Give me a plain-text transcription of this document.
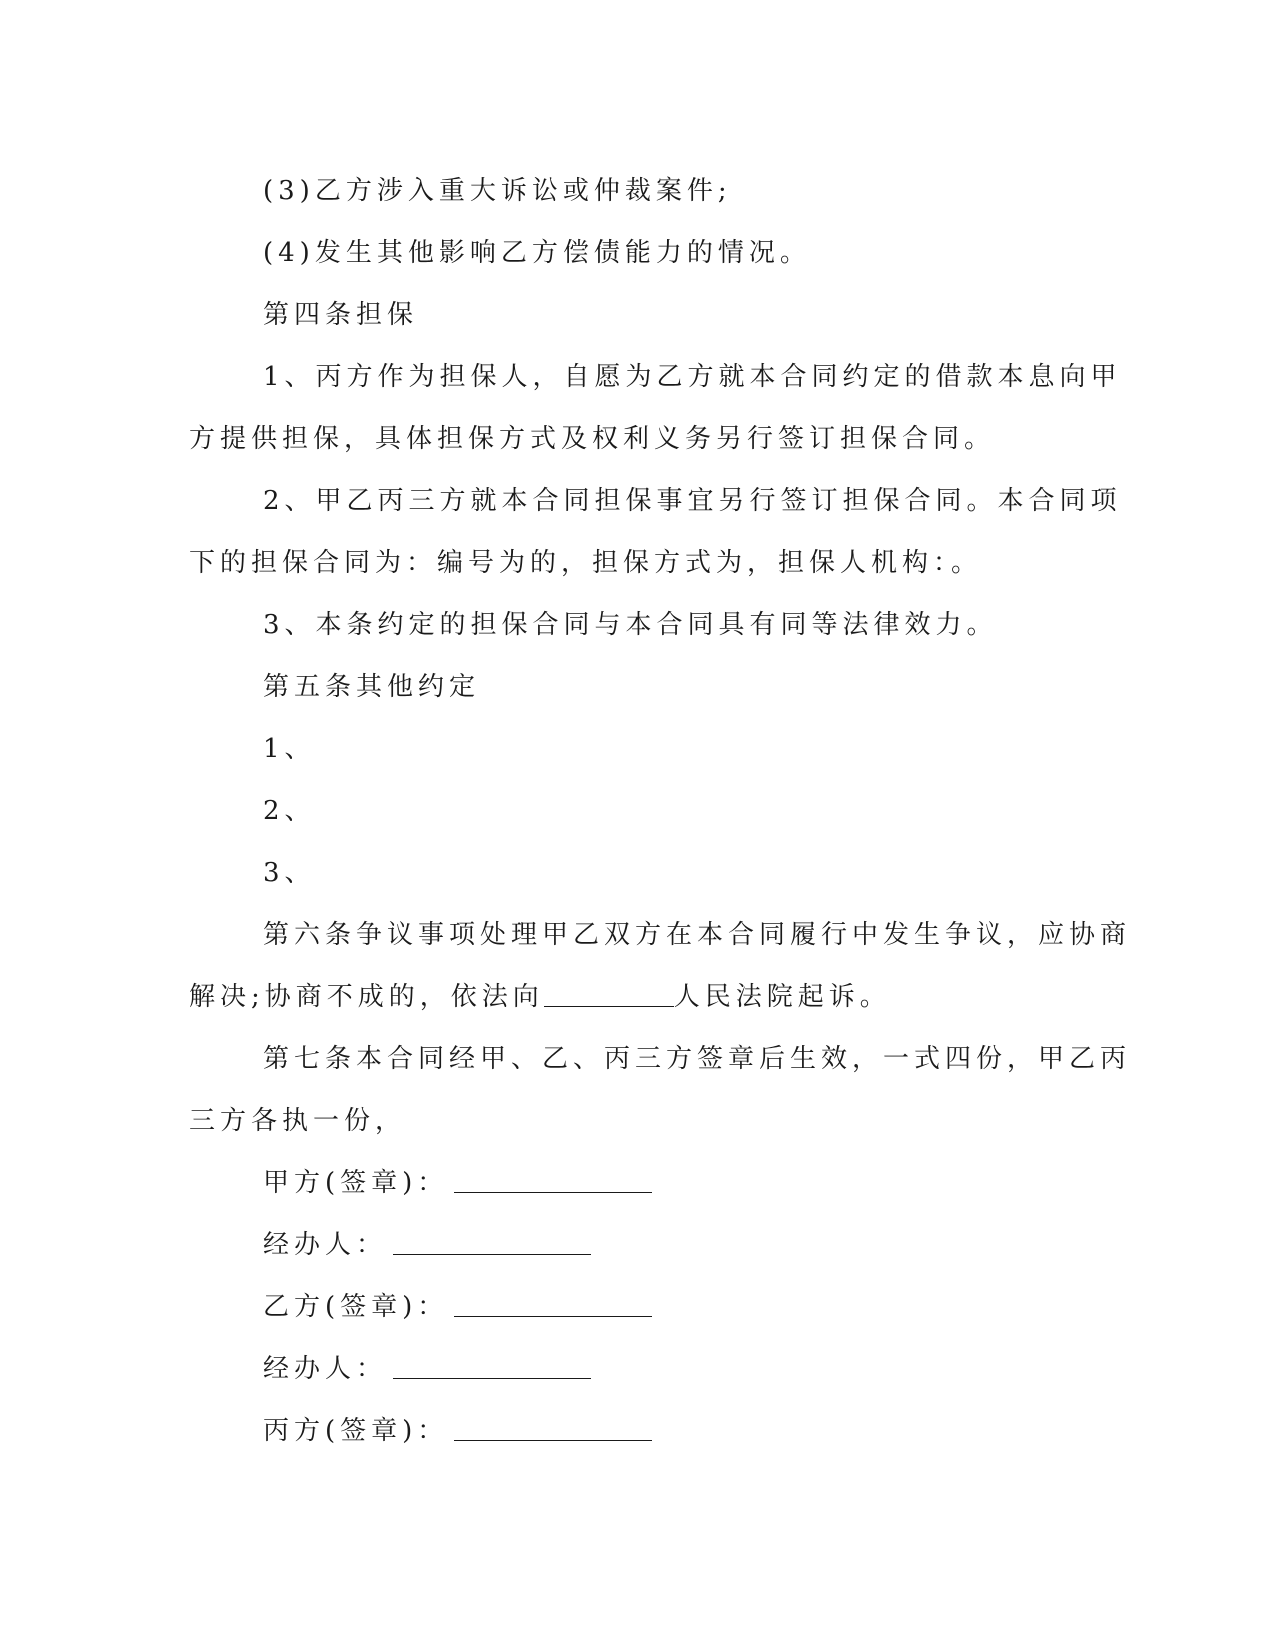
(3)乙方涉入重大诉讼或仲裁案件;

(4)发生其他影响乙方偿债能力的情况。

第四条担保

1、丙方作为担保人，自愿为乙方就本合同约定的借款本息向甲

方提供担保，具体担保方式及权利义务另行签订担保合同。

2、甲乙丙三方就本合同担保事宜另行签订担保合同。本合同项

下的担保合同为：编号为的，担保方式为，担保人机构：。

3、本条约定的担保合同与本合同具有同等法律效力。

第五条其他约定

1、

2、

3、

第六条争议事项处理甲乙双方在本合同履行中发生争议，应协商

解决;协商不成的，依法向	人民法院起诉。

第七条本合同经甲、乙、丙三方签章后生效，一式四份，甲乙丙

三方各执一份，

甲方(签章)：

经办人：

乙方(签章)：

经办人：

丙方(签章)：
